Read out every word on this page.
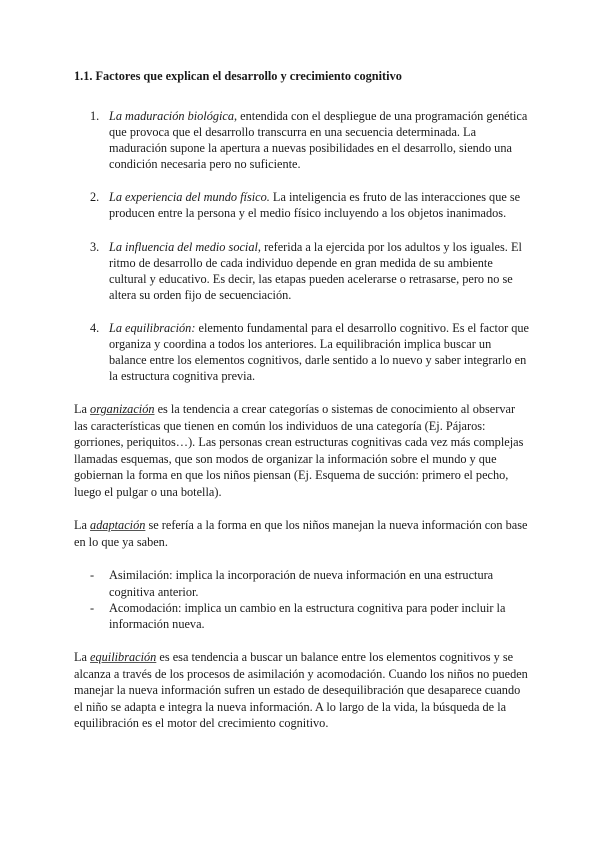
1.1. Factores que explican el desarrollo y crecimiento cognitivo
1. La maduración biológica, entendida con el despliegue de una programación genética que provoca que el desarrollo transcurra en una secuencia determinada. La maduración supone la apertura a nuevas posibilidades en el desarrollo, siendo una condición necesaria pero no suficiente.
2. La experiencia del mundo físico. La inteligencia es fruto de las interacciones que se producen entre la persona y el medio físico incluyendo a los objetos inanimados.
3. La influencia del medio social, referida a la ejercida por los adultos y los iguales. El ritmo de desarrollo de cada individuo depende en gran medida de su ambiente cultural y educativo. Es decir, las etapas pueden acelerarse o retrasarse, pero no se altera su orden fijo de secuenciación.
4. La equilibración: elemento fundamental para el desarrollo cognitivo. Es el factor que organiza y coordina a todos los anteriores. La equilibración implica buscar un balance entre los elementos cognitivos, darle sentido a lo nuevo y saber integrarlo en la estructura cognitiva previa.

La organización es la tendencia a crear categorías o sistemas de conocimiento al observar las características que tienen en común los individuos de una categoría (Ej. Pájaros: gorriones, periquitos…). Las personas crean estructuras cognitivas cada vez más complejas llamadas esquemas, que son modos de organizar la información sobre el mundo y que gobiernan la forma en que los niños piensan (Ej. Esquema de succión: primero el pecho, luego el pulgar o una botella).

La adaptación se refería a la forma en que los niños manejan la nueva información con base en lo que ya saben.

- Asimilación: implica la incorporación de nueva información en una estructura cognitiva anterior.
- Acomodación: implica un cambio en la estructura cognitiva para poder incluir la información nueva.

La equilibración es esa tendencia a buscar un balance entre los elementos cognitivos y se alcanza a través de los procesos de asimilación y acomodación. Cuando los niños no pueden manejar la nueva información sufren un estado de desequilibración que desaparece cuando el niño se adapta e integra la nueva información. A lo largo de la vida, la búsqueda de la equilibración es el motor del crecimiento cognitivo.
